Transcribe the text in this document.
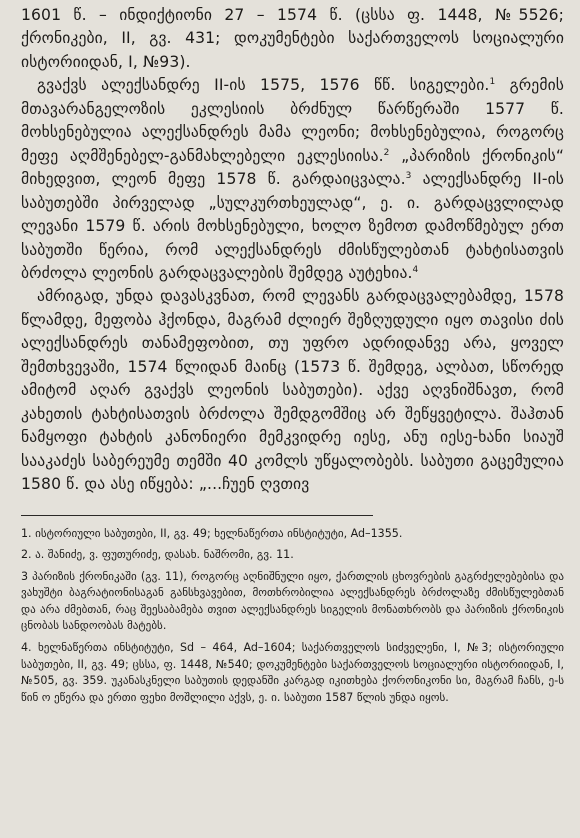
1601 წ. – ინდიქტიონი 27 – 1574 წ. (ცსსა ფ. 1448, №5526; ქრონიკები, II, გვ. 431; დოკუმენტები საქართველოს სოციალური ისტორიიდან, I, №93).

გვაქვს ალექსანდრე II-ის 1575, 1576 წწ. სიგელები.$^1$ გრემის მთავარანგელოზის ეკლესიის ბრძნულ წარწერაში 1577 წ. მოხსენებულია ალექსანდრეს მამა ლეონი; მოხსენებულია, როგორც მეფე აღმშენებელ-განმახლებელი ეკლესიისა.$^2$ „პარიზის ქრონიკის“ მიხედვით, ლეონ მეფე 1578 წ. გარდაიცვალა.$^3$ ალექსანდრე II-ის საბუთებში პირველად „სულკურთხეულად“, ე. ი. გარდაცვლილად ლევანი 1579 წ. არის მოხსენებული, ხოლო ზემოთ დამოწმებულ ერთ საბუთში წერია, რომ ალექსანდრეს ძმისწულებთან ტახტისათვის ბრძოლა ლეონის გარდაცვალების შემდეგ აუტეხია.$^4$

ამრიგად, უნდა დავასკვნათ, რომ ლევანს გარდაცვალებამდე, 1578 წლამდე, მეფობა ჰქონდა, მაგრამ ძლიერ შეზღუდული იყო თავისი ძის ალექსანდრეს თანამეფობით, თუ უფრო ადრიდანვე არა, ყოველ შემთხვევაში, 1574 წლიდან მაინც (1573 წ. შემდეგ, ალბათ, სწორედ ამიტომ აღარ გვაქვს ლეონის საბუთები). აქვე აღვნიშნავთ, რომ კახეთის ტახტისათვის ბრძოლა შემდგომშიც არ შეწყვეტილა. შაჰთან ნამყოფი ტახტის კანონიერი მემკვიდრე იესე, ანუ იესე-ხანი სიაუშ სააკაძეს საბერეუმე თემში 40 კომლს უწყალობებს. საბუთი გაცემულია 1580 წ. და ასე იწყება: „...ჩუენ ღვთივ

1. ისტორიული საბუთები, II, გვ. 49; ხელნაწერთა ინსტიტუტი, Ad–1355.

2. ა. შანიძე, ვ. ფუთურიძე, დასახ. ნაშრომი, გვ. 11.

3 პარიზის ქრონიკაში (გვ. 11), როგორც აღნიშნული იყო, ქართლის ცხოვრების გაგრძელებებისა და ვახუშტი ბაგრატიონისაგან განსხვავებით, მოთხრობილია ალექსანდრეს ბრძოლაზე ძმისწულებთან და არა ძმებთან, რაც შეესაბამება თვით ალექსანდრეს სიგელის მონათხრობს და პარიზის ქრონიკის ცნობას სანდოობას მატებს.

4. ხელნაწერთა ინსტიტუტი, Sd – 464, Ad–1604; საქართველოს სიძველენი, I, №3; ისტორიული საბუთები, II, გვ. 49; ცსსა, ფ. 1448, №540; დოკუმენტები საქართველოს სოციალური ისტორიიდან, I, №505, გვ. 359. უკანასკნელი საბუთის დედანში კარგად იკითხება ქორონიკონი სი, მაგრამ ჩანს, ე-ს წინ ო ეწერა და ერთი ფეხი მოშლილი აქვს, ე. ი. საბუთი 1587 წლის უნდა იყოს.
